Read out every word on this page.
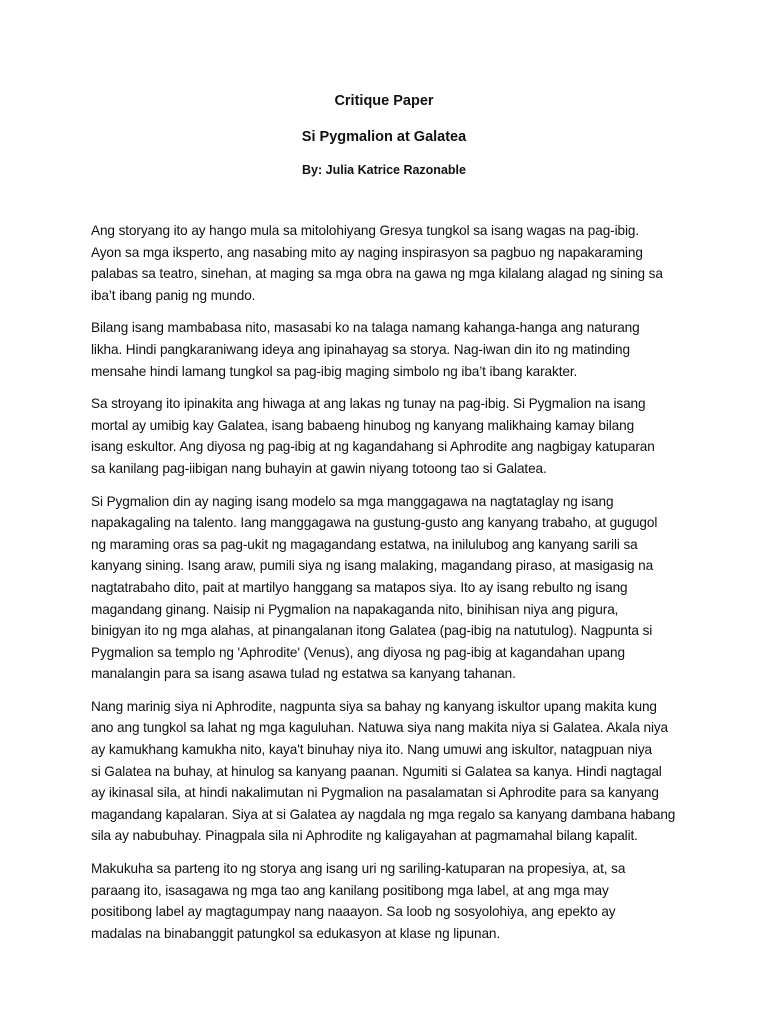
Critique Paper
Si Pygmalion at Galatea
By: Julia Katrice Razonable

Ang storyang ito ay hango mula sa mitolohiyang Gresya tungkol sa isang wagas na pag-ibig.
Ayon sa mga iksperto, ang nasabing mito ay naging inspirasyon sa pagbuo ng napakaraming
palabas sa teatro, sinehan, at maging sa mga obra na gawa ng mga kilalang alagad ng sining sa
iba’t ibang panig ng mundo.

Bilang isang mambabasa nito, masasabi ko na talaga namang kahanga-hanga ang naturang
likha. Hindi pangkaraniwang ideya ang ipinahayag sa storya. Nag-iwan din ito ng matinding
mensahe hindi lamang tungkol sa pag-ibig maging simbolo ng iba’t ibang karakter.

Sa stroyang ito ipinakita ang hiwaga at ang lakas ng tunay na pag-ibig. Si Pygmalion na isang
mortal ay umibig kay Galatea, isang babaeng hinubog ng kanyang malikhaing kamay bilang
isang eskultor. Ang diyosa ng pag-ibig at ng kagandahang si Aphrodite ang nagbigay katuparan
sa kanilang pag-iibigan nang buhayin at gawin niyang totoong tao si Galatea.

Si Pygmalion din ay naging isang modelo sa mga manggagawa na nagtataglay ng isang
napakagaling na talento. Iang manggagawa na gustung-gusto ang kanyang trabaho, at gugugol
ng maraming oras sa pag-ukit ng magagandang estatwa, na inilulubog ang kanyang sarili sa
kanyang sining. Isang araw, pumili siya ng isang malaking, magandang piraso, at masigasig na
nagtatrabaho dito, pait at martilyo hanggang sa matapos siya. Ito ay isang rebulto ng isang
magandang ginang. Naisip ni Pygmalion na napakaganda nito, binihisan niya ang pigura,
binigyan ito ng mga alahas, at pinangalanan itong Galatea (pag-ibig na natutulog). Nagpunta si
Pygmalion sa templo ng 'Aphrodite' (Venus), ang diyosa ng pag-ibig at kagandahan upang
manalangin para sa isang asawa tulad ng estatwa sa kanyang tahanan.

Nang marinig siya ni Aphrodite, nagpunta siya sa bahay ng kanyang iskultor upang makita kung
ano ang tungkol sa lahat ng mga kaguluhan. Natuwa siya nang makita niya si Galatea. Akala niya
ay kamukhang kamukha nito, kaya't binuhay niya ito. Nang umuwi ang iskultor, natagpuan niya
si Galatea na buhay, at hinulog sa kanyang paanan. Ngumiti si Galatea sa kanya. Hindi nagtagal
ay ikinasal sila, at hindi nakalimutan ni Pygmalion na pasalamatan si Aphrodite para sa kanyang
magandang kapalaran. Siya at si Galatea ay nagdala ng mga regalo sa kanyang dambana habang
sila ay nabubuhay. Pinagpala sila ni Aphrodite ng kaligayahan at pagmamahal bilang kapalit.

Makukuha sa parteng ito ng storya ang isang uri ng sariling-katuparan na propesiya, at, sa
paraang ito, isasagawa ng mga tao ang kanilang positibong mga label, at ang mga may
positibong label ay magtagumpay nang naaayon. Sa loob ng sosyolohiya, ang epekto ay
madalas na binabanggit patungkol sa edukasyon at klase ng lipunan.
